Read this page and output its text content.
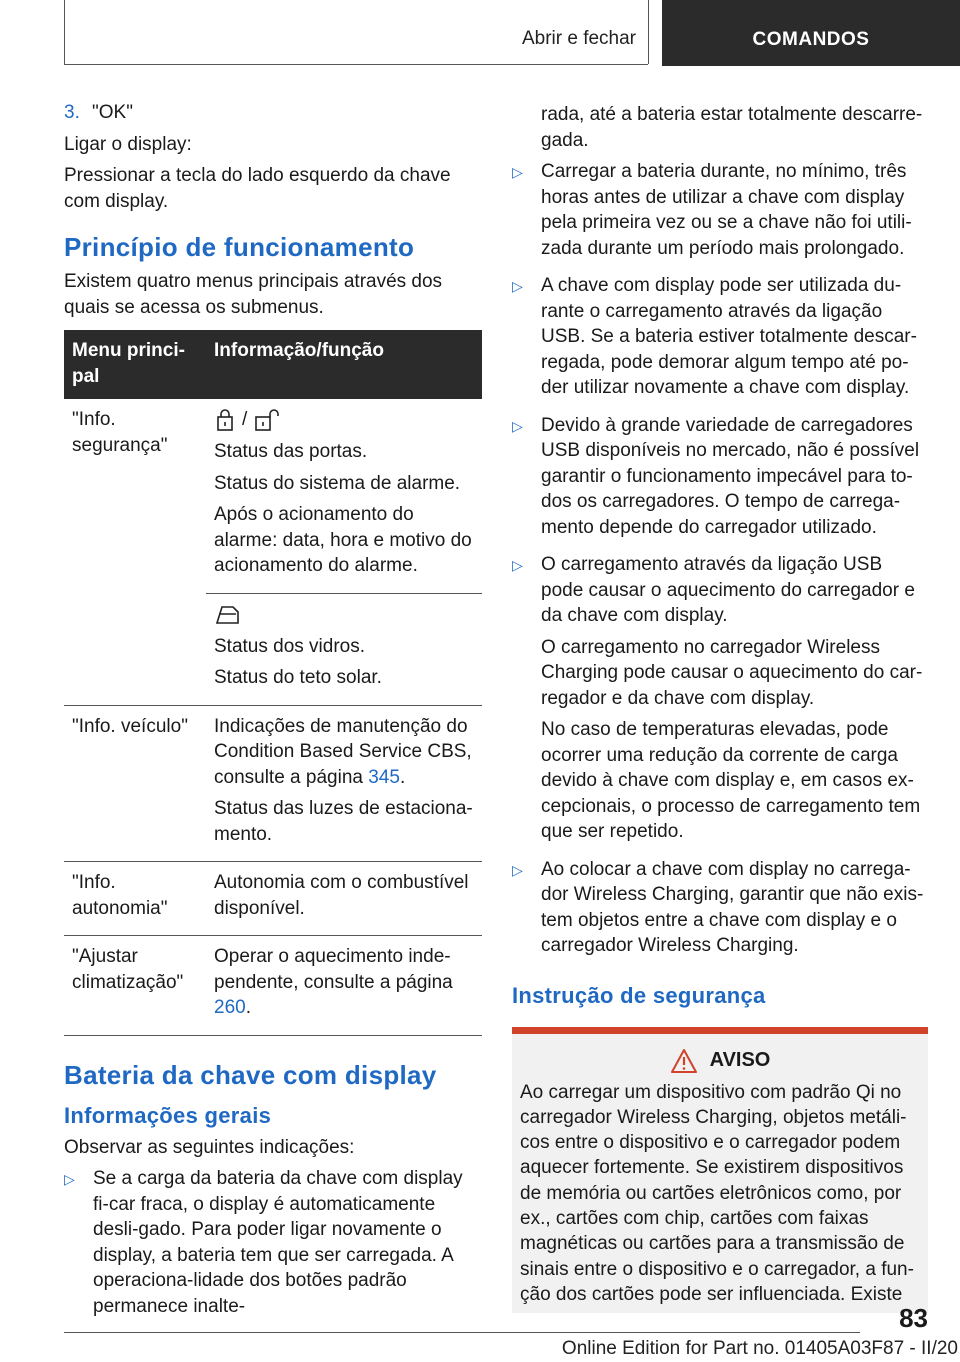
Abrir e fechar	COMANDOS
3. "OK"

Ligar o display:

Pressionar a tecla do lado esquerdo da chave com display.

Princípio de funcionamento

Existem quatro menus principais através dos quais se acessa os submenus.

Menu princi-pal	Informação/função
"Info. segurança"	/

Status das portas.

Status do sistema de alarme.

Após o acionamento do alarme: data, hora e motivo do acionamento do alarme.

	Status dos vidros.

Status do teto solar.

"Info. veículo"	Indicações de manutenção do Condition Based Service CBS, consulte a página 345.

Status das luzes de estaciona-mento.

"Info. autonomia"	Autonomia com o combustível disponível.

"Ajustar climatização"	Operar o aquecimento inde-pendente, consulte a página 260.

Bateria da chave com display
Informações gerais

Observar as seguintes indicações:

▷ Se a carga da bateria da chave com display fi-car fraca, o display é automaticamente desli-gado. Para poder ligar novamente o display, a bateria tem que ser carregada. A operaciona-lidade dos botões padrão permanece inalte-

rada, até a bateria estar totalmente descarre-gada.
▷ Carregar a bateria durante, no mínimo, três horas antes de utilizar a chave com display pela primeira vez ou se a chave não foi utili-zada durante um período mais prolongado.

▷ A chave com display pode ser utilizada du-rante o carregamento através da ligação USB. Se a bateria estiver totalmente descar-regada, pode demorar algum tempo até po-der utilizar novamente a chave com display.

▷ Devido à grande variedade de carregadores USB disponíveis no mercado, não é possível garantir o funcionamento impecável para to-dos os carregadores. O tempo de carrega-mento depende do carregador utilizado.

▷ O carregamento através da ligação USB pode causar o aquecimento do carregador e da chave com display.

O carregamento no carregador Wireless Charging pode causar o aquecimento do car-regador e da chave com display.

No caso de temperaturas elevadas, pode ocorrer uma redução da corrente de carga devido à chave com display e, em casos ex-cepcionais, o processo de carregamento tem que ser repetido.

▷ Ao colocar a chave com display no carrega-dor Wireless Charging, garantir que não exis-tem objetos entre a chave com display e o carregador Wireless Charging.

Instrução de segurança
AVISO

Ao carregar um dispositivo com padrão Qi no carregador Wireless Charging, objetos metáli-cos entre o dispositivo e o carregador podem aquecer fortemente. Se existirem dispositivos de memória ou cartões eletrônicos como, por ex., cartões com chip, cartões com faixas magnéticas ou cartões para a transmissão de sinais entre o dispositivo e o carregador, a fun-ção dos cartões pode ser influenciada. Existe

83
Online Edition for Part no. 01405A03F87 - II/20
